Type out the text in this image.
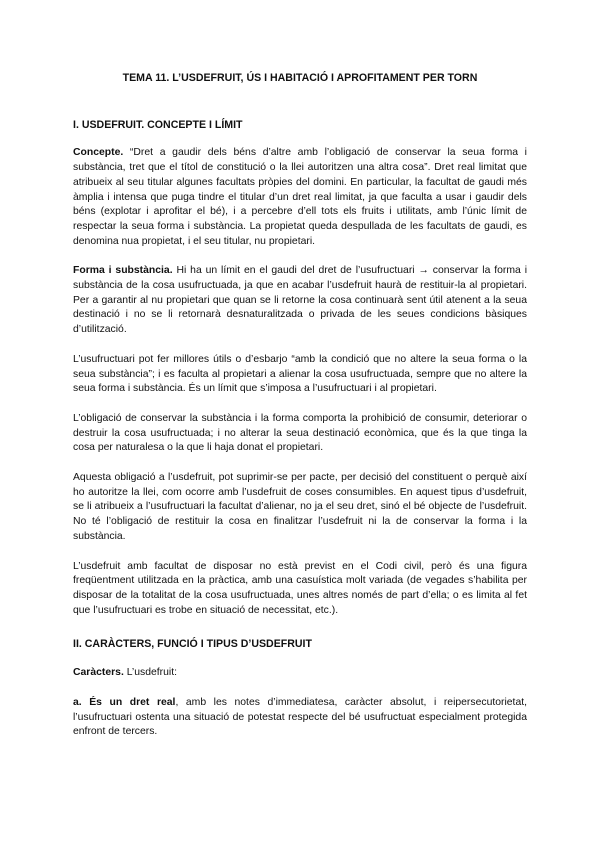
TEMA 11. L’USDEFRUIT, ÚS I HABITACIÓ I APROFITAMENT PER TORN
I. USDEFRUIT. CONCEPTE I LÍMIT

Concepte. “Dret a gaudir dels béns d’altre amb l’obligació de conservar la seua forma i substància, tret que el títol de constitució o la llei autoritzen una altra cosa”. Dret real limitat que atribueix al seu titular algunes facultats pròpies del domini. En particular, la facultat de gaudi més àmplia i intensa que puga tindre el titular d’un dret real limitat, ja que faculta a usar i gaudir dels béns (explotar i aprofitar el bé), i a percebre d’ell tots els fruits i utilitats, amb l’únic límit de respectar la seua forma i substància. La propietat queda despullada de les facultats de gaudi, es denomina nua propietat, i el seu titular, nu propietari.

Forma i substància. Hi ha un límit en el gaudi del dret de l’usufructuari → conservar la forma i substància de la cosa usufructuada, ja que en acabar l’usdefruit haurà de restituir-la al propietari. Per a garantir al nu propietari que quan se li retorne la cosa continuarà sent útil atenent a la seua destinació i no se li retornarà desnaturalitzada o privada de les seues condicions bàsiques d’utilització.

L’usufructuari pot fer millores útils o d’esbarjo “amb la condició que no altere la seua forma o la seua substància”; i es faculta al propietari a alienar la cosa usufructuada, sempre que no altere la seua forma i substància. És un límit que s’imposa a l’usufructuari i al propietari.

L’obligació de conservar la substància i la forma comporta la prohibició de consumir, deteriorar o destruir la cosa usufructuada; i no alterar la seua destinació econòmica, que és la que tinga la cosa per naturalesa o la que li haja donat el propietari.

Aquesta obligació a l’usdefruit, pot suprimir-se per pacte, per decisió del constituent o perquè així ho autoritze la llei, com ocorre amb l’usdefruit de coses consumibles. En aquest tipus d’usdefruit, se li atribueix a l’usufructuari la facultat d’alienar, no ja el seu dret, sinó el bé objecte de l’usdefruit. No té l’obligació de restituir la cosa en finalitzar l’usdefruit ni la de conservar la forma i la substància.

L’usdefruit amb facultat de disposar no està previst en el Codi civil, però és una figura freqüentment utilitzada en la pràctica, amb una casuística molt variada (de vegades s’habilita per disposar de la totalitat de la cosa usufructuada, unes altres només de part d’ella; o es limita al fet que l’usufructuari es trobe en situació de necessitat, etc.).

II. CARÀCTERS, FUNCIÓ I TIPUS D’USDEFRUIT

Caràcters. L’usdefruit:

a. És un dret real, amb les notes d’immediatesa, caràcter absolut, i reipersecutorietat, l’usufructuari ostenta una situació de potestat respecte del bé usufructuat especialment protegida enfront de tercers.
